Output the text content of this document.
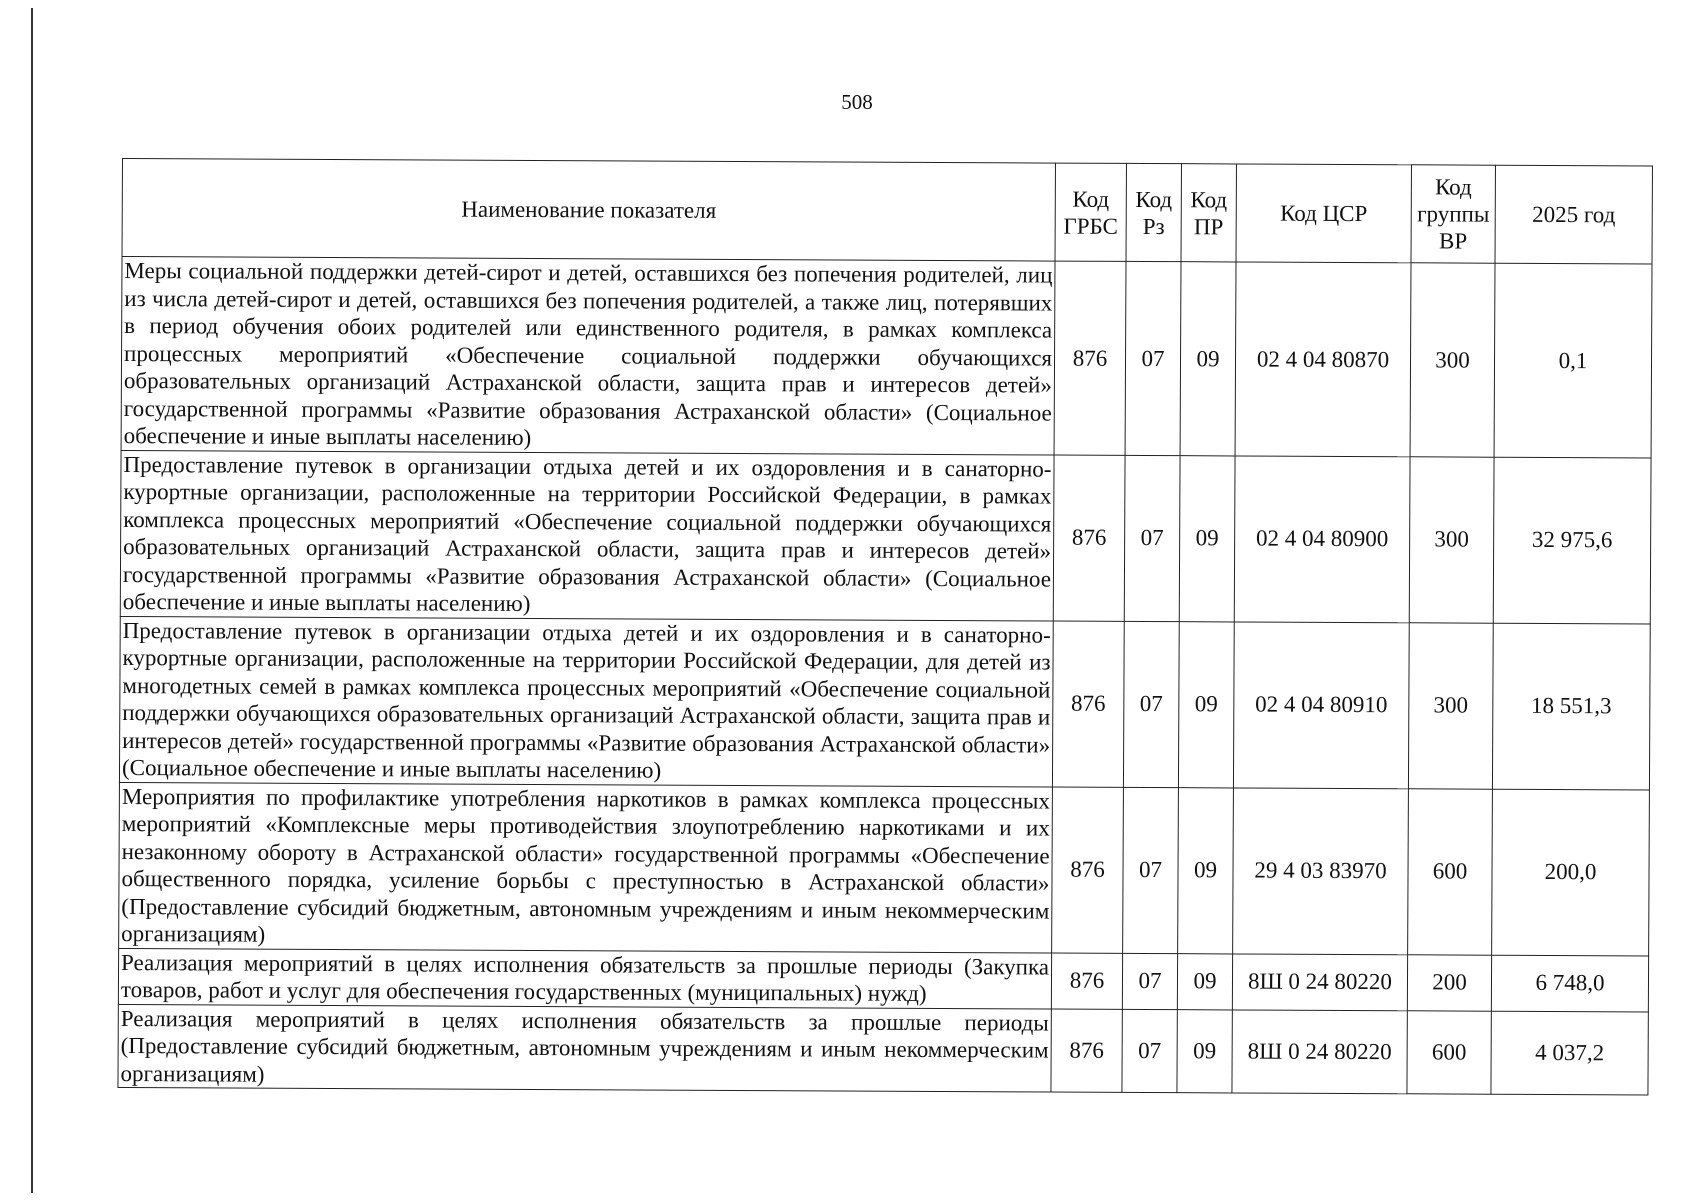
508
Наименование показателя	Код ГРБС	Код Рз	Код ПР	Код ЦСР	Код группы ВР	2025 год
Меры социальной поддержки детей-сирот и детей, оставшихся без попечения родителей, лиц из числа детей-сирот и детей, оставшихся без попечения родителей, а также лиц, потерявших в период обучения обоих родителей или единственного родителя, в рамках комплекса процессных мероприятий «Обеспечение социальной поддержки обучающихся образовательных организаций Астраханской области, защита прав и интересов детей» государственной программы «Развитие образования Астраханской области» (Социальное обеспечение и иные выплаты населению)	876	07	09	02 4 04 80870	300	0,1
Предоставление путевок в организации отдыха детей и их оздоровления и в санаторно-курортные организации, расположенные на территории Российской Федерации, в рамках комплекса процессных мероприятий «Обеспечение социальной поддержки обучающихся образовательных организаций Астраханской области, защита прав и интересов детей» государственной программы «Развитие образования Астраханской области» (Социальное обеспечение и иные выплаты населению)	876	07	09	02 4 04 80900	300	32 975,6
Предоставление путевок в организации отдыха детей и их оздоровления и в санаторно-курортные организации, расположенные на территории Российской Федерации, для детей из многодетных семей в рамках комплекса процессных мероприятий «Обеспечение социальной поддержки обучающихся образовательных организаций Астраханской области, защита прав и интересов детей» государственной программы «Развитие образования Астраханской области» (Социальное обеспечение и иные выплаты населению)	876	07	09	02 4 04 80910	300	18 551,3
Мероприятия по профилактике употребления наркотиков в рамках комплекса процессных мероприятий «Комплексные меры противодействия злоупотреблению наркотиками и их незаконному обороту в Астраханской области» государственной программы «Обеспечение общественного порядка, усиление борьбы с преступностью в Астраханской области» (Предоставление субсидий бюджетным, автономным учреждениям и иным некоммерческим организациям)	876	07	09	29 4 03 83970	600	200,0
Реализация мероприятий в целях исполнения обязательств за прошлые периоды (Закупка товаров, работ и услуг для обеспечения государственных (муниципальных) нужд)	876	07	09	8Ш 0 24 80220	200	6 748,0
Реализация мероприятий в целях исполнения обязательств за прошлые периоды (Предоставление субсидий бюджетным, автономным учреждениям и иным некоммерческим организациям)	876	07	09	8Ш 0 24 80220	600	4 037,2
